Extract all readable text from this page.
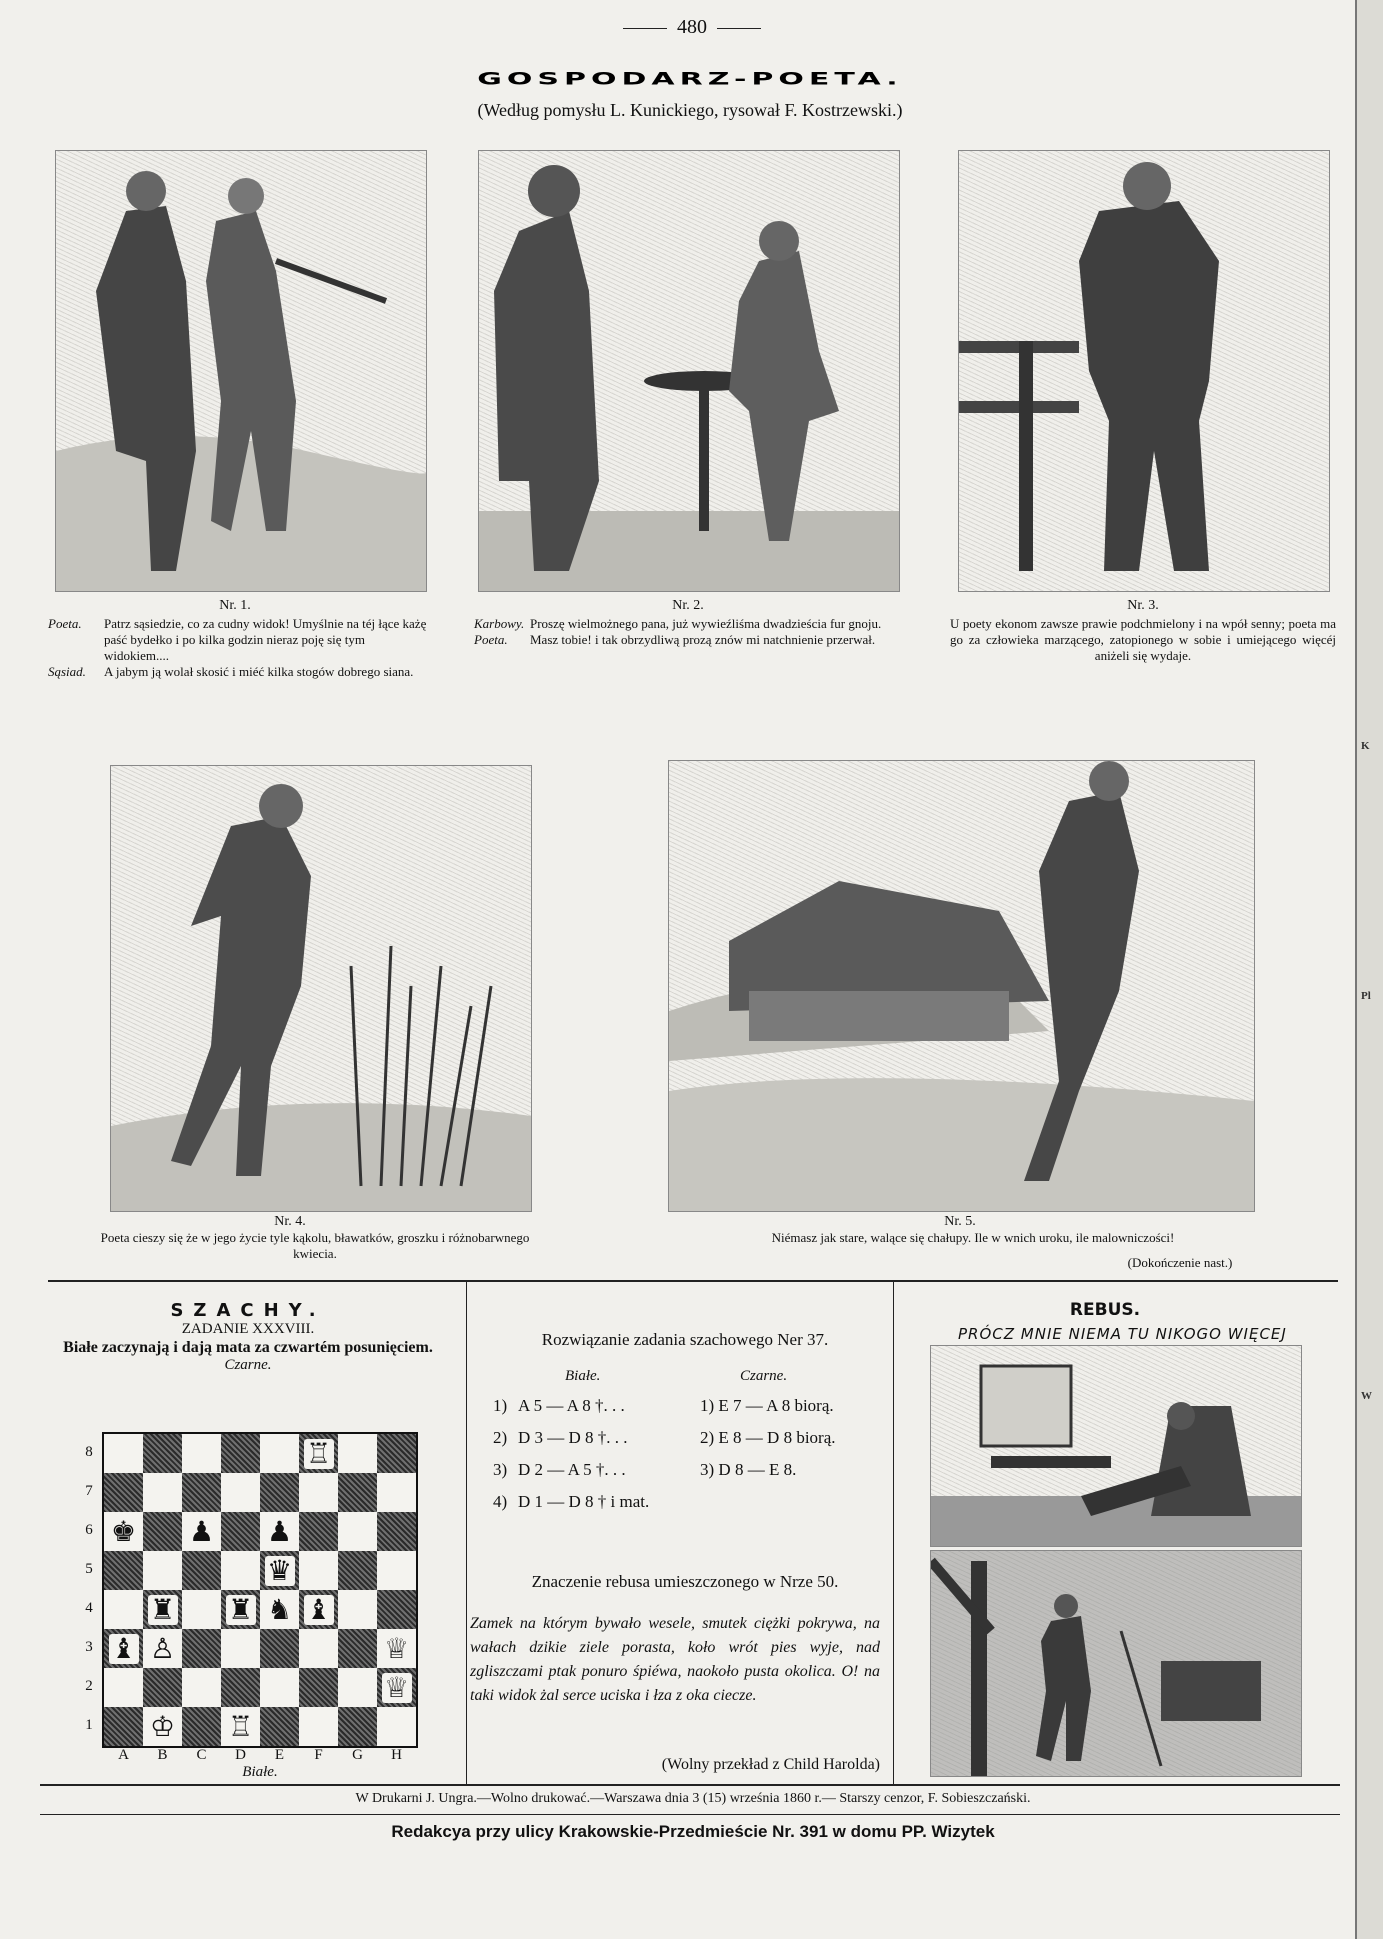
480
GOSPODARZ-POETA.
(Według pomysłu L. Kunickiego, rysował F. Kostrzewski.)
Nr. 1.
Poeta.	Patrz sąsiedzie, co za cudny widok! Umyślnie na téj łące każę paść bydełko i po kilka godzin nieraz poję się tym widokiem....
Sąsiad.	A jabym ją wolał skosić i miéć kilka stogów dobrego siana.
Nr. 2.
Karbowy. Proszę wielmożnego pana, już wywieźliśma dwadzieścia fur gnoju.
Poeta.	Masz tobie! i tak obrzydliwą prozą znów mi natchnienie przerwał.
Nr. 3.
U poety ekonom zawsze prawie podchmielony i na wpół senny; poeta ma go za człowieka marzącego, zatopionego w sobie i umiejącego więcéj aniżeli się wydaje.
Nr. 4.
Poeta cieszy się że w jego życie tyle kąkolu, bławatków, groszku i różnobarwnego kwiecia.
Nr. 5.
Niémasz jak stare, walące się chałupy. Ile w wnich uroku, ile malowniczości!
(Dokończenie nast.)
SZACHY.
ZADANIE XXXVIII.
Białe zaczynają i dają mata za czwartém posunięciem.
Czarne.
♖
♚ ♟ ♟
♛
♜ ♜ ♞ ♝
♝ ♙	♕
♕
♔ ♖
8
7
6
5
4
3
2
1
A	B	C	D	E	F	G	H
Białe.
Rozwiązanie zadania szachowego Ner 37.
Białe.	Czarne.
1) A 5 — A 8 †. . .	1) E 7 — A 8 biorą.
2) D 3 — D 8 †. . .	2) E 8 — D 8 biorą.
3) D 2 — A 5 †. . .	3) D 8 — E 8.
4) D 1 — D 8 † i mat.
Znaczenie rebusa umieszczonego w Nrze 50.
Zamek na którym bywało wesele, smutek ciężki pokrywa, na wałach dzikie ziele porasta, koło wrót pies wyje, nad zgliszczami ptak ponuro śpiéwa, naokoło pusta okolica. O! na taki widok żal serce uciska i łza z oka ciecze.
(Wolny przekład z Child Harolda)
REBUS.
PRÓCZ MNIE NIEMA TU NIKOGO WIĘCEJ
W Drukarni J. Ungra.—Wolno drukować.—Warszawa dnia 3 (15) września 1860 r.— Starszy cenzor, F. Sobieszczański.
Redakcya przy ulicy Krakowskie-Przedmieście Nr. 391 w domu PP. Wizytek
K
Pl
W
